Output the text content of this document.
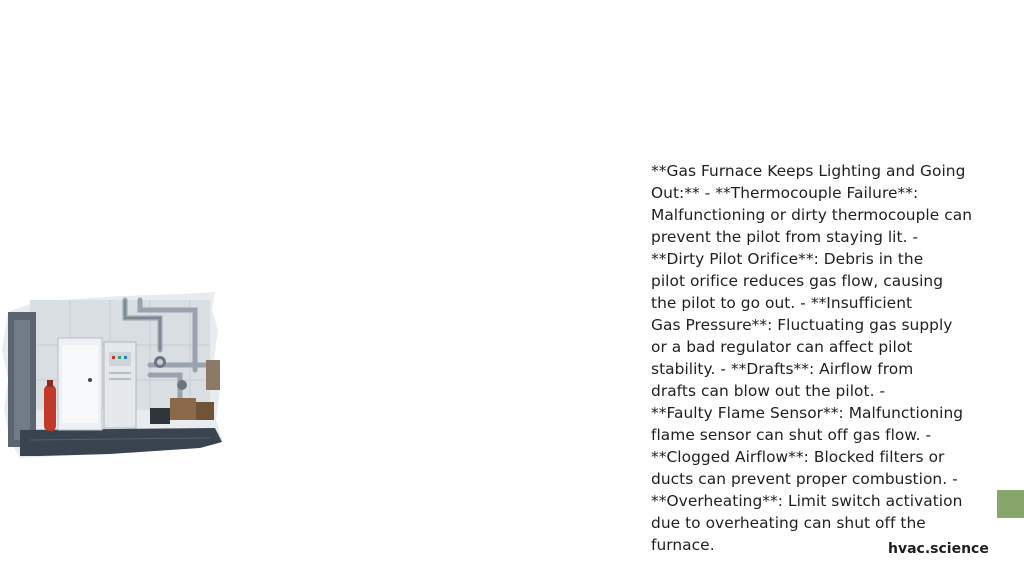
**Gas Furnace Keeps Lighting and Going
Out:** - **Thermocouple Failure**:
Malfunctioning or dirty thermocouple can
prevent the pilot from staying lit. -
**Dirty Pilot Orifice**: Debris in the
pilot orifice reduces gas flow, causing
the pilot to go out. - **Insufficient
Gas Pressure**: Fluctuating gas supply
or a bad regulator can affect pilot
stability. - **Drafts**: Airflow from
drafts can blow out the pilot. -
**Faulty Flame Sensor**: Malfunctioning
flame sensor can shut off gas flow. -
**Clogged Airflow**: Blocked filters or
ducts can prevent proper combustion. -
**Overheating**: Limit switch activation
due to overheating can shut off the
furnace.	hvac.science
